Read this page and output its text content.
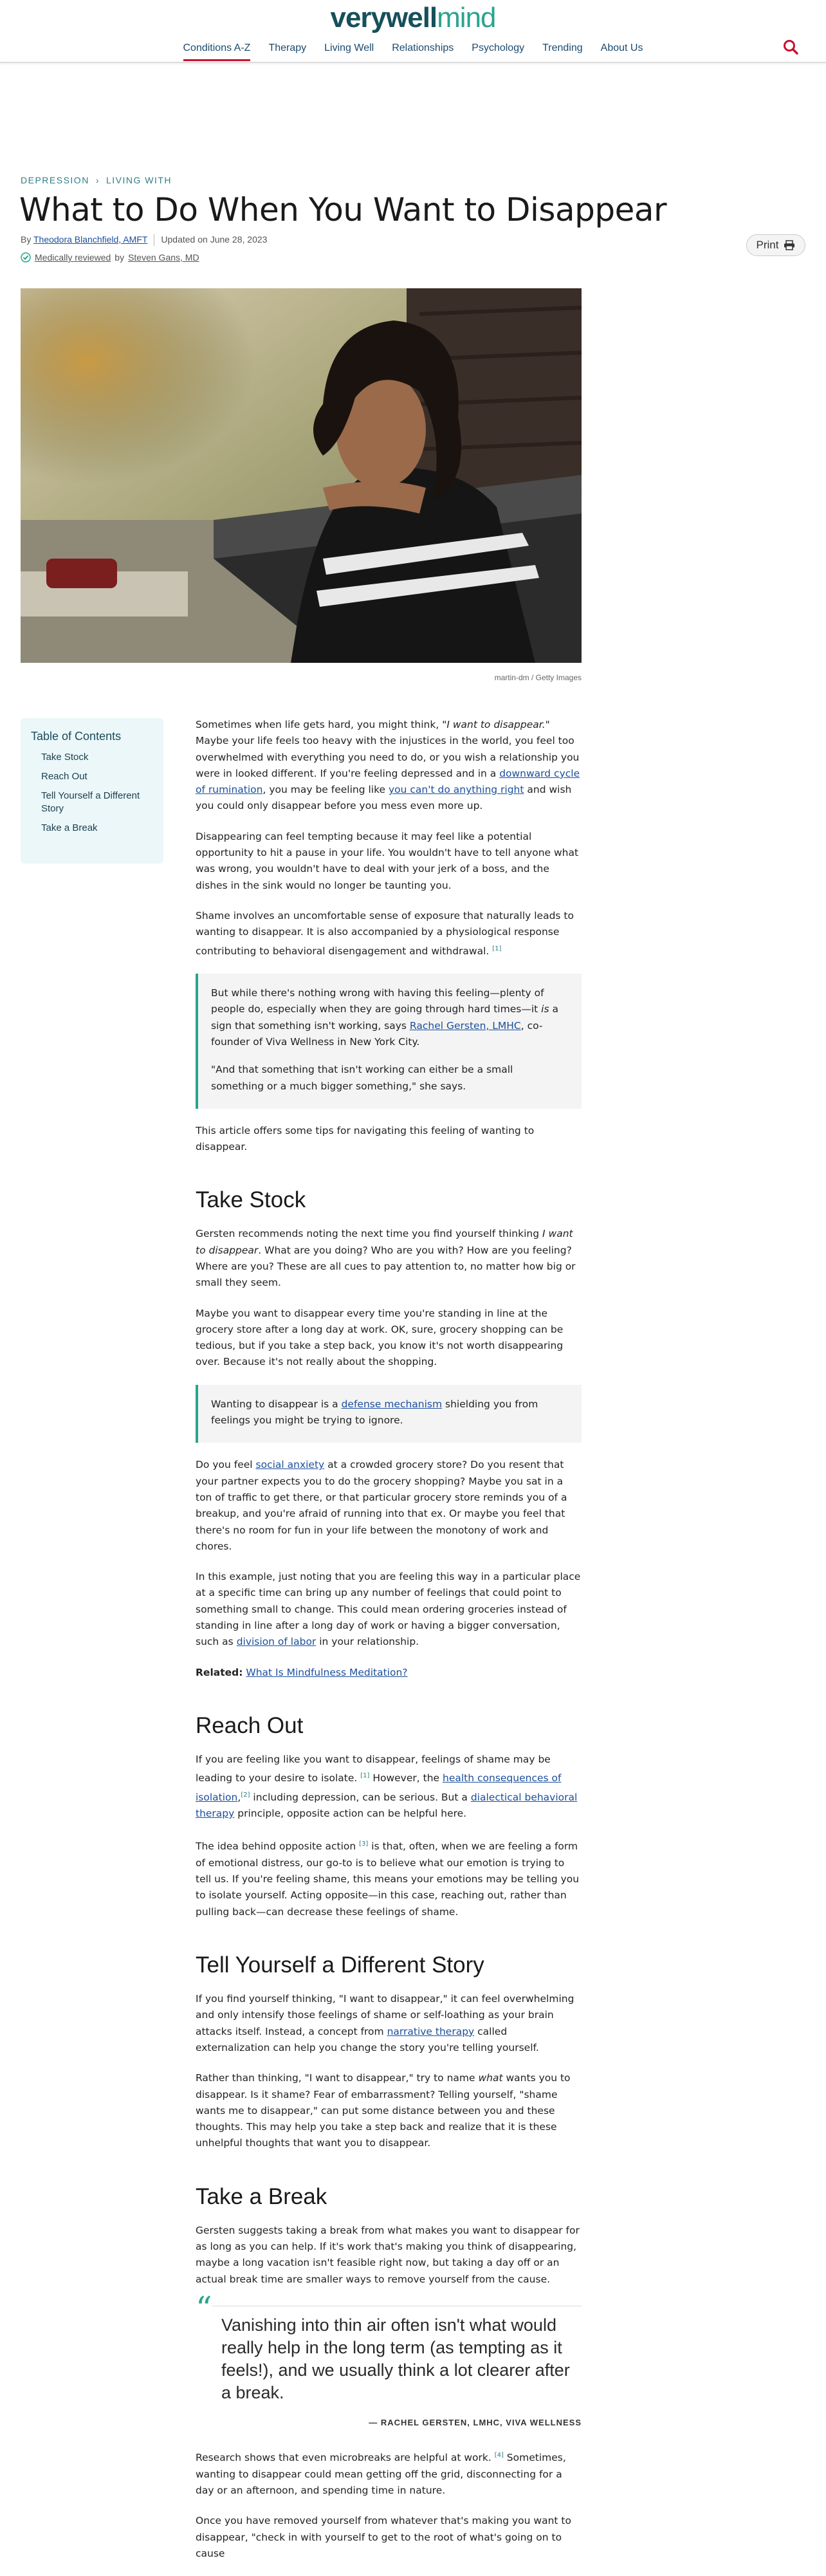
verywellmind
Conditions A-Z Therapy Living Well Relationships Psychology Trending About Us
DEPRESSION › LIVING WITH
What to Do When You Want to Disappear
By Theodora Blanchfield, AMFT Updated on June 28, 2023
Medically reviewed by Steven Gans, MD
Print
martin-dm / Getty Images
Table of Contents
Take Stock
Reach Out
Tell Yourself a Different Story
Take a Break

Sometimes when life gets hard, you might think, "I want to disappear." Maybe your life feels too heavy with the injustices in the world, you feel too overwhelmed with everything you need to do, or you wish a relationship you were in looked different. If you're feeling depressed and in a downward cycle of rumination, you may be feeling like you can't do anything right and wish you could only disappear before you mess even more up.

Disappearing can feel tempting because it may feel like a potential opportunity to hit a pause in your life. You wouldn't have to tell anyone what was wrong, you wouldn't have to deal with your jerk of a boss, and the dishes in the sink would no longer be taunting you.

Shame involves an uncomfortable sense of exposure that naturally leads to wanting to disappear. It is also accompanied by a physiological response contributing to behavioral disengagement and withdrawal. [1]

But while there's nothing wrong with having this feeling—plenty of people do, especially when they are going through hard times—it is a sign that something isn't working, says Rachel Gersten, LMHC, co-founder of Viva Wellness in New York City.

"And that something that isn't working can either be a small something or a much bigger something," she says.

This article offers some tips for navigating this feeling of wanting to disappear.

Take Stock

Gersten recommends noting the next time you find yourself thinking I want to disappear. What are you doing? Who are you with? How are you feeling? Where are you? These are all cues to pay attention to, no matter how big or small they seem.

Maybe you want to disappear every time you're standing in line at the grocery store after a long day at work. OK, sure, grocery shopping can be tedious, but if you take a step back, you know it's not worth disappearing over. Because it's not really about the shopping.

Wanting to disappear is a defense mechanism shielding you from feelings you might be trying to ignore.

Do you feel social anxiety at a crowded grocery store? Do you resent that your partner expects you to do the grocery shopping? Maybe you sat in a ton of traffic to get there, or that particular grocery store reminds you of a breakup, and you're afraid of running into that ex. Or maybe you feel that there's no room for fun in your life between the monotony of work and chores.

In this example, just noting that you are feeling this way in a particular place at a specific time can bring up any number of feelings that could point to something small to change. This could mean ordering groceries instead of standing in line after a long day of work or having a bigger conversation, such as division of labor in your relationship.

Related: What Is Mindfulness Meditation?

Reach Out

If you are feeling like you want to disappear, feelings of shame may be leading to your desire to isolate. [1] However, the health consequences of isolation,[2] including depression, can be serious. But a dialectical behavioral therapy principle, opposite action can be helpful here.

The idea behind opposite action [3] is that, often, when we are feeling a form of emotional distress, our go-to is to believe what our emotion is trying to tell us. If you're feeling shame, this means your emotions may be telling you to isolate yourself. Acting opposite—in this case, reaching out, rather than pulling back—can decrease these feelings of shame.

Tell Yourself a Different Story

If you find yourself thinking, "I want to disappear," it can feel overwhelming and only intensify those feelings of shame or self-loathing as your brain attacks itself. Instead, a concept from narrative therapy called externalization can help you change the story you're telling yourself.

Rather than thinking, "I want to disappear," try to name what wants you to disappear. Is it shame? Fear of embarrassment? Telling yourself, "shame wants me to disappear," can put some distance between you and these thoughts. This may help you take a step back and realize that it is these unhelpful thoughts that want you to disappear.

Take a Break

Gersten suggests taking a break from what makes you want to disappear for as long as you can help. If it's work that's making you think of disappearing, maybe a long vacation isn't feasible right now, but taking a day off or an actual break time are smaller ways to remove yourself from the cause.

“ Vanishing into thin air often isn't what would really help in the long term (as tempting as it feels!), and we usually think a lot clearer after a break.
— RACHEL GERSTEN, LMHC, VIVA WELLNESS

Research shows that even microbreaks are helpful at work. [4] Sometimes, wanting to disappear could mean getting off the grid, disconnecting for a day or an afternoon, and spending time in nature.

Once you have removed yourself from whatever that's making you want to disappear, "check in with yourself to get to the root of what's going on to cause
